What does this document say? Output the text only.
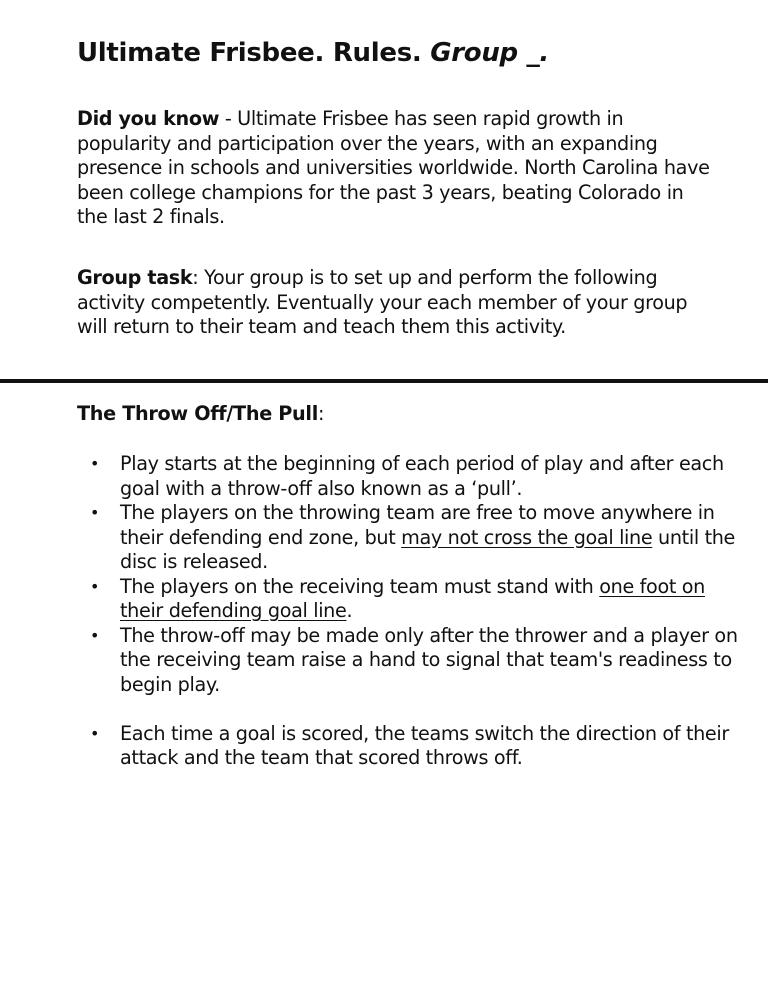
Ultimate Frisbee. Rules. Group _.

Did you know - Ultimate Frisbee has seen rapid growth in popularity and participation over the years, with an expanding presence in schools and universities worldwide. North Carolina have been college champions for the past 3 years, beating Colorado in the last 2 finals.

Group task: Your group is to set up and perform the following activity competently. Eventually your each member of your group will return to their team and teach them this activity.

The Throw Off/The Pull:

• Play starts at the beginning of each period of play and after each goal with a throw-off also known as a ‘pull’.
• The players on the throwing team are free to move anywhere in their defending end zone, but may not cross the goal line until the disc is released.
• The players on the receiving team must stand with one foot on their defending goal line.
• The throw-off may be made only after the thrower and a player on the receiving team raise a hand to signal that team's readiness to begin play.
• Each time a goal is scored, the teams switch the direction of their attack and the team that scored throws off.
